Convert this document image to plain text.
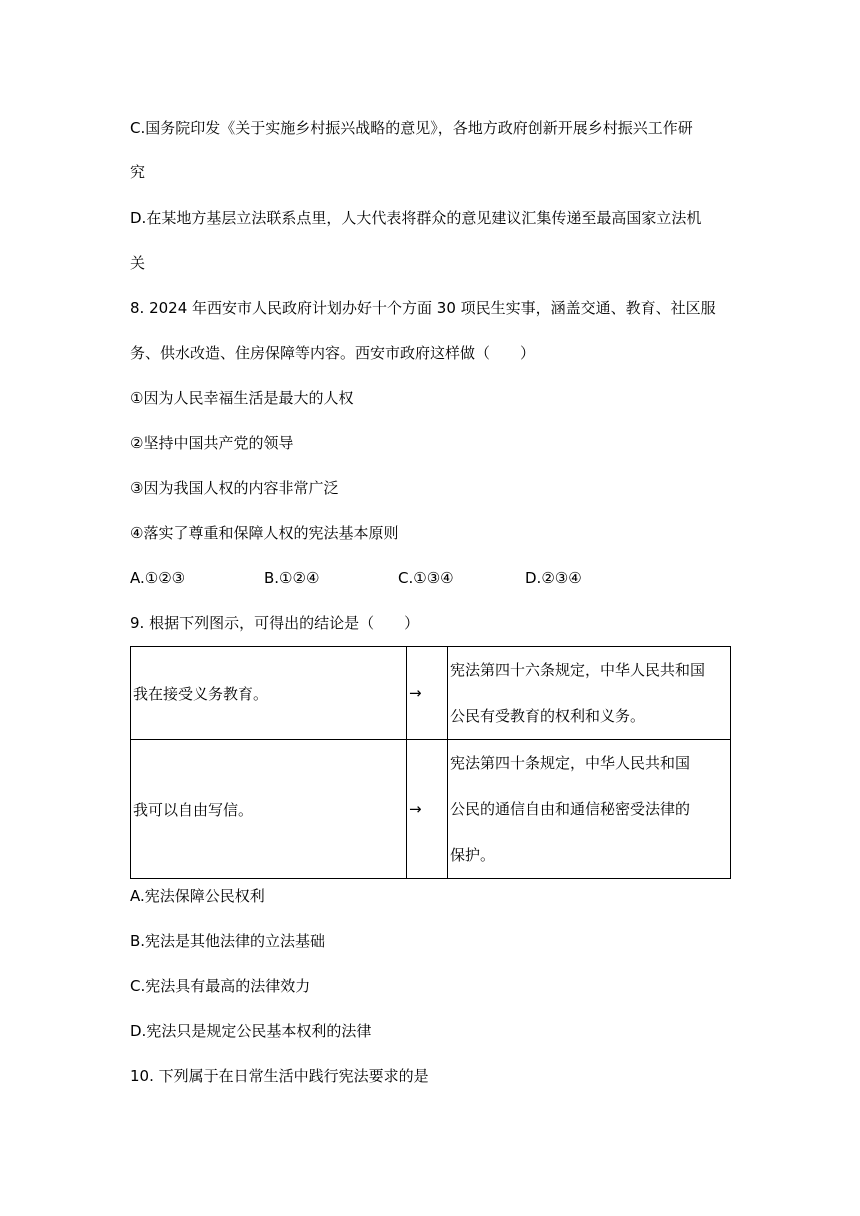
C.国务院印发《关于实施乡村振兴战略的意见》，各地方政府创新开展乡村振兴工作研
究
D.在某地方基层立法联系点里，人大代表将群众的意见建议汇集传递至最高国家立法机
关
8. 2024 年西安市人民政府计划办好十个方面 30 项民生实事，涵盖交通、教育、社区服
务、供水改造、住房保障等内容。西安市政府这样做（　　）
①因为人民幸福生活是最大的人权
②坚持中国共产党的领导
③因为我国人权的内容非常广泛
④落实了尊重和保障人权的宪法基本原则
A.①②③	B.①②④	C.①③④	D.②③④
9. 根据下列图示，可得出的结论是（　　）
我在接受义务教育。	→	宪法第四十六条规定，中华人民共和国
公民有受教育的权利和义务。

我可以自由写信。	→	宪法第四十条规定，中华人民共和国
公民的通信自由和通信秘密受法律的
保护。
A.宪法保障公民权利
B.宪法是其他法律的立法基础
C.宪法具有最高的法律效力
D.宪法只是规定公民基本权利的法律
10. 下列属于在日常生活中践行宪法要求的是
